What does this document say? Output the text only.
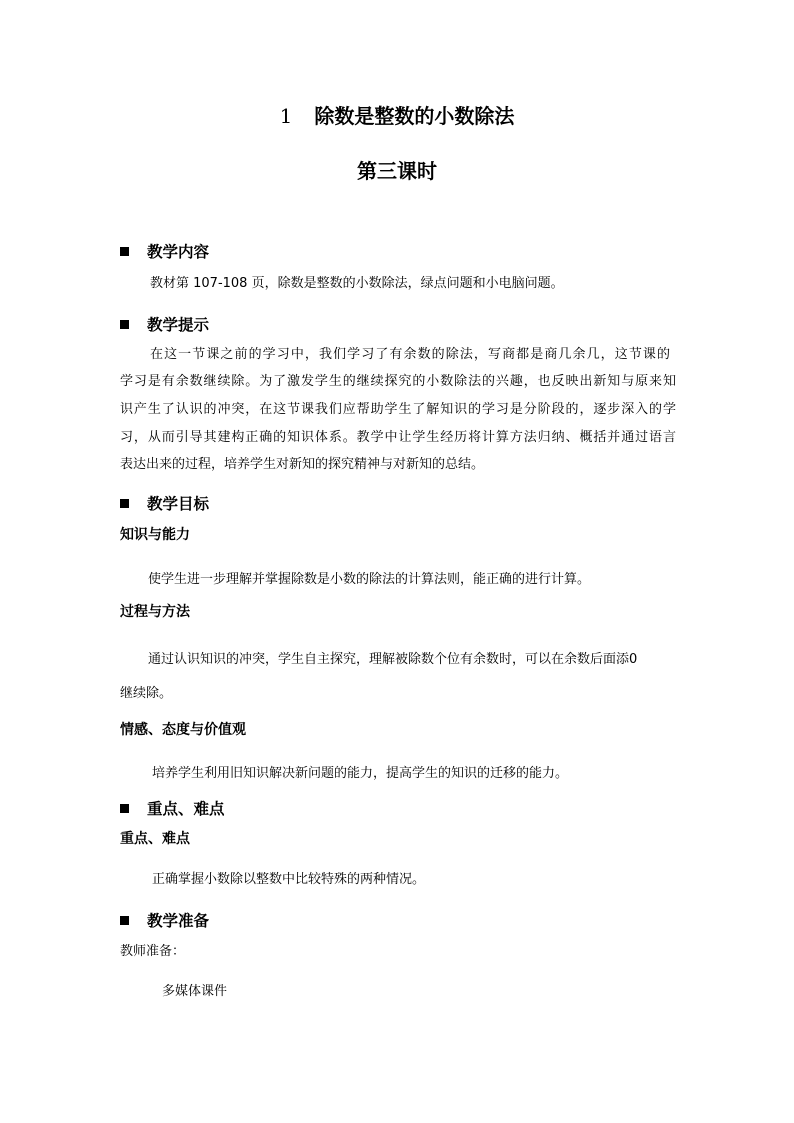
1 除数是整数的小数除法
第三课时
教学内容
教材第 107-108 页，除数是整数的小数除法，绿点问题和小电脑问题。
教学提示
在这一节课之前的学习中，我们学习了有余数的除法，写商都是商几余几，这节课的
学习是有余数继续除。为了激发学生的继续探究的小数除法的兴趣，也反映出新知与原来知
识产生了认识的冲突，在这节课我们应帮助学生了解知识的学习是分阶段的，逐步深入的学
习，从而引导其建构正确的知识体系。教学中让学生经历将计算方法归纳、概括并通过语言
表达出来的过程，培养学生对新知的探究精神与对新知的总结。
教学目标
知识与能力
使学生进一步理解并掌握除数是小数的除法的计算法则，能正确的进行计算。
过程与方法
通过认识知识的冲突，学生自主探究，理解被除数个位有余数时，可以在余数后面添0
继续除。
情感、态度与价值观
培养学生利用旧知识解决新问题的能力，提高学生的知识的迁移的能力。
重点、难点
重点、难点
正确掌握小数除以整数中比较特殊的两种情况。
教学准备
教师准备：
多媒体课件
